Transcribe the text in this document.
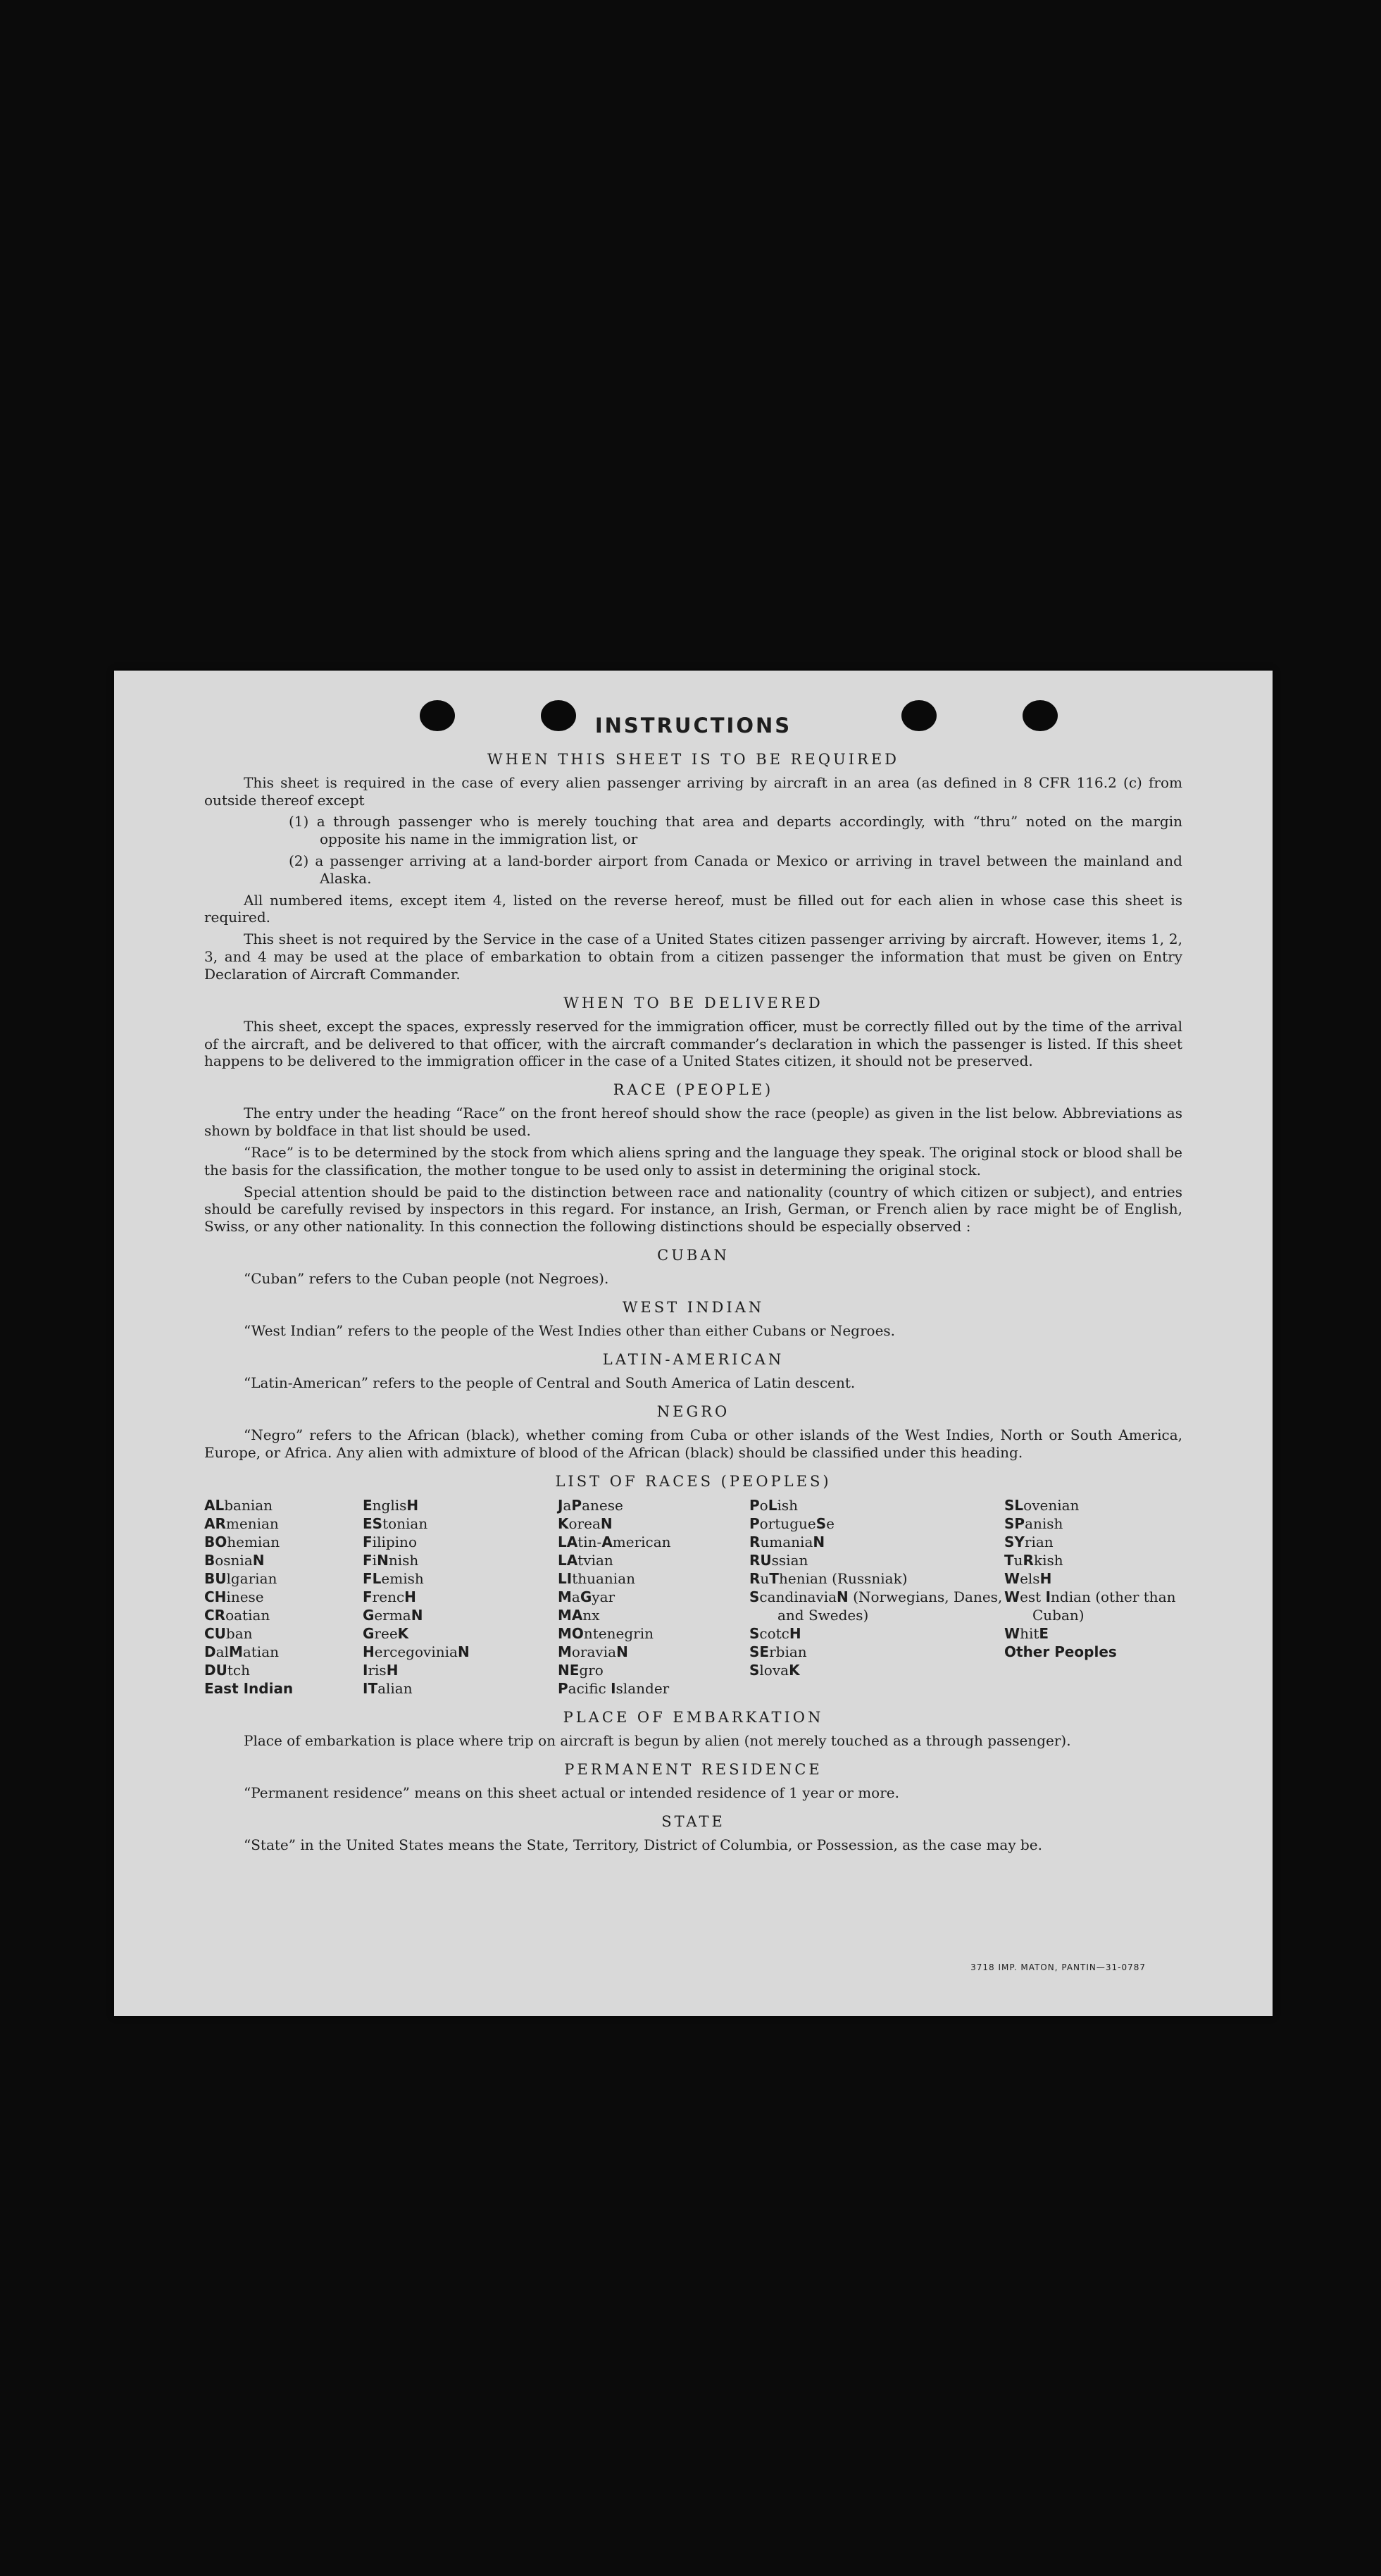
INSTRUCTIONS
WHEN THIS SHEET IS TO BE REQUIRED

This sheet is required in the case of every alien passenger arriving by aircraft in an area (as defined in 8 CFR 116.2 (c) from outside thereof except

(1) a through passenger who is merely touching that area and departs accordingly, with “thru” noted on the margin opposite his name in the immigration list, or
(2) a passenger arriving at a land-border airport from Canada or Mexico or arriving in travel between the mainland and Alaska.

All numbered items, except item 4, listed on the reverse hereof, must be filled out for each alien in whose case this sheet is required.

This sheet is not required by the Service in the case of a United States citizen passenger arriving by aircraft. However, items 1, 2, 3, and 4 may be used at the place of embarkation to obtain from a citizen passenger the information that must be given on Entry Declaration of Aircraft Commander.

WHEN TO BE DELIVERED

This sheet, except the spaces, expressly reserved for the immigration officer, must be correctly filled out by the time of the arrival of the aircraft, and be delivered to that officer, with the aircraft commander’s declaration in which the passenger is listed. If this sheet happens to be delivered to the immigration officer in the case of a United States citizen, it should not be preserved.

RACE (PEOPLE)

The entry under the heading “Race” on the front hereof should show the race (people) as given in the list below. Abbreviations as shown by boldface in that list should be used.

“Race” is to be determined by the stock from which aliens spring and the language they speak. The original stock or blood shall be the basis for the classification, the mother tongue to be used only to assist in determining the original stock.

Special attention should be paid to the distinction between race and nationality (country of which citizen or subject), and entries should be carefully revised by inspectors in this regard. For instance, an Irish, German, or French alien by race might be of English, Swiss, or any other nationality. In this connection the following distinctions should be especially observed :

CUBAN

“Cuban” refers to the Cuban people (not Negroes).

WEST INDIAN

“West Indian” refers to the people of the West Indies other than either Cubans or Negroes.

LATIN-AMERICAN

“Latin-American” refers to the people of Central and South America of Latin descent.

NEGRO

“Negro” refers to the African (black), whether coming from Cuba or other islands of the West Indies, North or South America, Europe, or Africa. Any alien with admixture of blood of the African (black) should be classified under this heading.

LIST OF RACES (PEOPLES)
ALbanian
ARmenian
BOhemian
BosniaN
BUlgarian
CHinese
CRoatian
CUban
DalMatian
DUtch
East Indian
EnglisH
EStonian
Filipino
FiNnish
FLemish
FrencH
GermaN
GreeK
HercegoviniaN
IrisH
ITalian
JaPanese
KoreaN
LAtin-American
LAtvian
LIthuanian
MaGyar
MAnx
MOntenegrin
MoraviaN
NEgro
Pacific Islander
PoLish
PortugueSe
RumaniaN
RUssian
RuThenian (Russniak)
ScandinaviaN (Norwegians, Danes, and Swedes)
ScotcH
SErbian
SlovaK
SLovenian
SPanish
SYrian
TuRkish
WelsH
West Indian (other than Cuban)
WhitE
Other Peoples
PLACE OF EMBARKATION

Place of embarkation is place where trip on aircraft is begun by alien (not merely touched as a through passenger).

PERMANENT RESIDENCE

“Permanent residence” means on this sheet actual or intended residence of 1 year or more.

STATE

“State” in the United States means the State, Territory, District of Columbia, or Possession, as the case may be.

3718 IMP. MATON, PANTIN—31-0787
